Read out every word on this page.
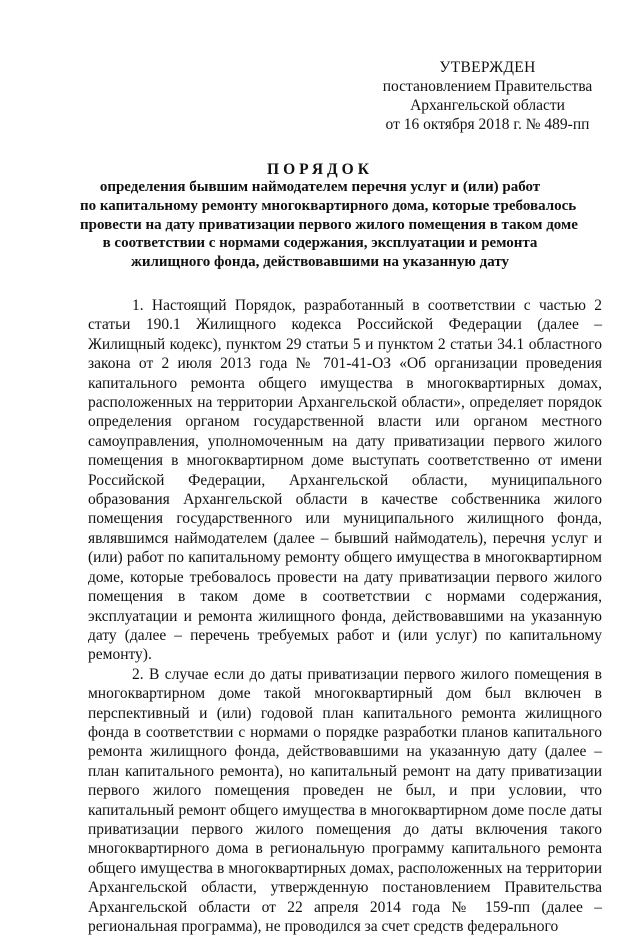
УТВЕРЖДЕН
постановлением Правительства
Архангельской области
от 16 октября 2018 г. № 489-пп
ПОРЯДОК
определения бывшим наймодателем перечня услуг и (или) работ
по капитальному ремонту многоквартирного дома, которые требовалось
провести на дату приватизации первого жилого помещения в таком доме
в соответствии с нормами содержания, эксплуатации и ремонта
жилищного фонда, действовавшими на указанную дату

1. Настоящий Порядок, разработанный в соответствии с частью 2 статьи 190.1 Жилищного кодекса Российской Федерации (далее – Жилищный кодекс), пунктом 29 статьи 5 и пунктом 2 статьи 34.1 областного закона от 2 июля 2013 года № 701-41-ОЗ «Об организации проведения капитального ремонта общего имущества в многоквартирных домах, расположенных на территории Архангельской области», определяет порядок определения органом государственной власти или органом местного самоуправления, уполномоченным на дату приватизации первого жилого помещения в многоквартирном доме выступать соответственно от имени Российской Федерации, Архангельской области, муниципального образования Архангельской области в качестве собственника жилого помещения государственного или муниципального жилищного фонда, являвшимся наймодателем (далее – бывший наймодатель), перечня услуг и (или) работ по капитальному ремонту общего имущества в многоквартирном доме, которые требовалось провести на дату приватизации первого жилого помещения в таком доме в соответствии с нормами содержания, эксплуатации и ремонта жилищного фонда, действовавшими на указанную дату (далее – перечень требуемых работ и (или услуг) по капитальному ремонту).

2. В случае если до даты приватизации первого жилого помещения в многоквартирном доме такой многоквартирный дом был включен в перспективный и (или) годовой план капитального ремонта жилищного фонда в соответствии с нормами о порядке разработки планов капитального ремонта жилищного фонда, действовавшими на указанную дату (далее – план капитального ремонта), но капитальный ремонт на дату приватизации первого жилого помещения проведен не был, и при условии, что капитальный ремонт общего имущества в многоквартирном доме после даты приватизации первого жилого помещения до даты включения такого многоквартирного дома в региональную программу капитального ремонта общего имущества в многоквартирных домах, расположенных на территории Архангельской области, утвержденную постановлением Правительства Архангельской области от 22 апреля 2014 года № 159-пп (далее – региональная программа), не проводился за счет средств федерального
